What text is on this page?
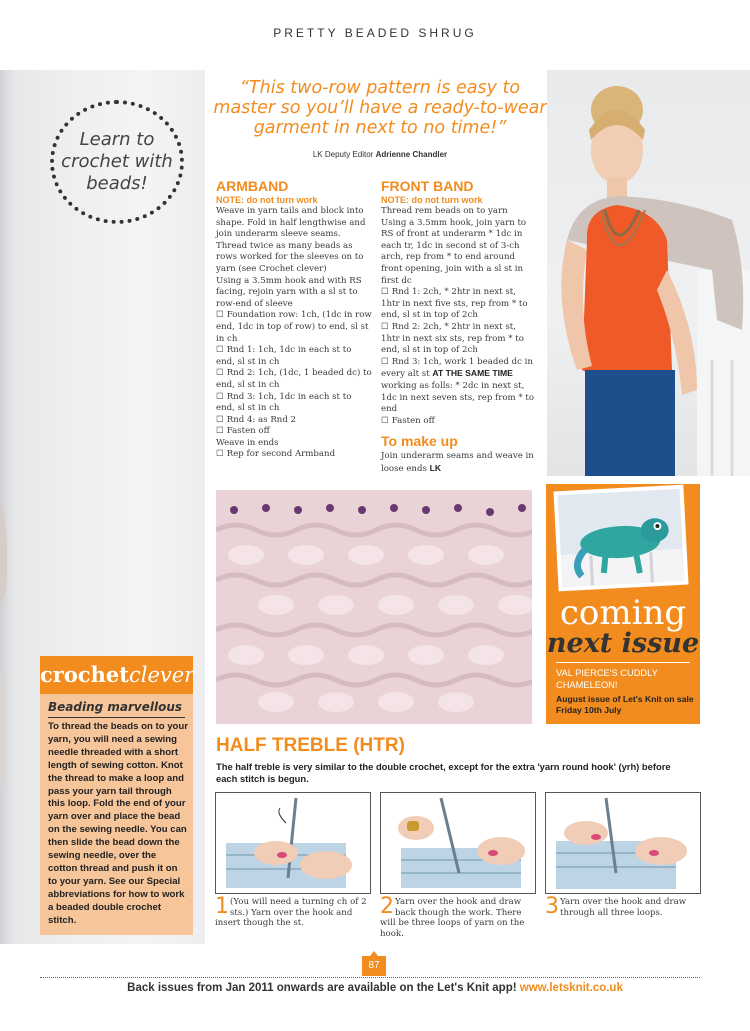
PRETTY BEADED SHRUG
Learn to
crochet with
beads!
crochetclever
Beading marvellous
To thread the beads on to your yarn, you will need a sewing needle threaded with a short length of sewing cotton. Knot the thread to make a loop and pass your yarn tail through this loop. Fold the end of your yarn over and place the bead on the sewing needle. You can then slide the bead down the sewing needle, over the cotton thread and push it on to your yarn. See our Special abbreviations for how to work a beaded double crochet stitch.
“This two-row pattern is easy to master so you’ll have a ready-to-wear garment in next to no time!”
LK Deputy Editor Adrienne Chandler
ARMBAND
NOTE: do not turn work

Weave in yarn tails and block into shape. Fold in half lengthwise and join underarm sleeve seams.

Thread twice as many beads as rows worked for the sleeves on to yarn (see Crochet clever)

Using a 3.5mm hook and with RS facing, rejoin yarn with a sl st to row-end of sleeve

☐ Foundation row: 1ch, (1dc in row end, 1dc in top of row) to end, sl st in ch

☐ Rnd 1: 1ch, 1dc in each st to end, sl st in ch

☐ Rnd 2: 1ch, (1dc, 1 beaded dc) to end, sl st in ch

☐ Rnd 3: 1ch, 1dc in each st to end, sl st in ch

☐ Rnd 4: as Rnd 2

☐ Fasten off

Weave in ends

☐ Rep for second Armband

FRONT BAND
NOTE: do not turn work

Thread rem beads on to yarn

Using a 3.5mm hook, join yarn to RS of front at underarm * 1dc in each tr, 1dc in second st of 3-ch arch, rep from * to end around front opening, join with a sl st in first dc

☐ Rnd 1: 2ch, * 2htr in next st, 1htr in next five sts, rep from * to end, sl st in top of 2ch

☐ Rnd 2: 2ch, * 2htr in next st, 1htr in next six sts, rep from * to end, sl st in top of 2ch

☐ Rnd 3: 1ch, work 1 beaded dc in every alt st AT THE SAME TIME working as folls: * 2dc in next st, 1dc in next seven sts, rep from * to end

☐ Fasten off

To make up

Join underarm seams and weave in loose ends LK

coming
next issue
VAL PIERCE'S CUDDLY CHAMELEON!
August issue of Let's Knit on sale Friday 10th July
HALF TREBLE (HTR)
The half treble is very similar to the double crochet, except for the extra 'yarn round hook' (yrh) before each stitch is begun.
1 (You will need a turning ch of 2 sts.) Yarn over the hook and insert though the st.
2 Yarn over the hook and draw back though the work. There will be three loops of yarn on the hook.
3 Yarn over the hook and draw through all three loops.
87
Back issues from Jan 2011 onwards are available on the Let's Knit app! www.letsknit.co.uk
